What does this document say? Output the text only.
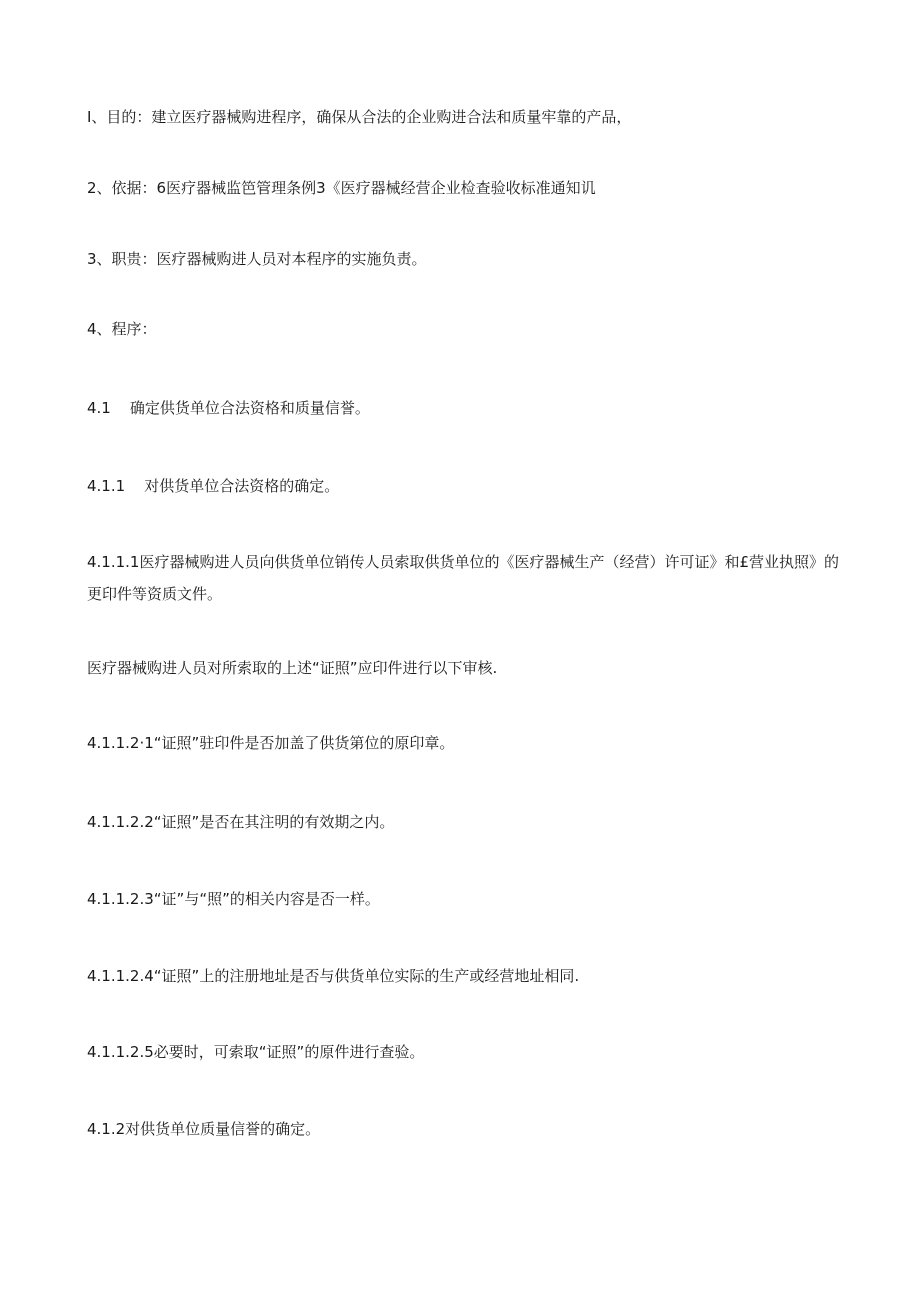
I、目的：建立医疗器械购进程序，确保从合法的企业购进合法和质量牢靠的产品，

2、依据：6医疗器械监笆管理条例3《医疗器械经营企业检查验收标准通知讥

3、职贵：医疗器械购进人员对本程序的实施负责。

4、程序：

4.1    确定供货单位合法资格和质量信誉。

4.1.1    对供货单位合法资格的确定。

4.1.1.1医疗器械购进人员向供货单位销传人员索取供货单位的《医疗器械生产（经营）许可证》和£营业执照》的更印件等资质文件。

医疗器械购进人员对所索取的上述“证照”应印件进行以下审核.

4.1.1.2·1“证照”驻印件是否加盖了供货第位的原印章。

4.1.1.2.2“证照”是否在其注明的有效期之内。

4.1.1.2.3“证”与“照”的相关内容是否一样。

4.1.1.2.4“证照”上的注册地址是否与供货单位实际的生产或经营地址相同.

4.1.1.2.5必要时，可索取“证照”的原件进行查验。

4.1.2对供货单位质量信誉的确定。
